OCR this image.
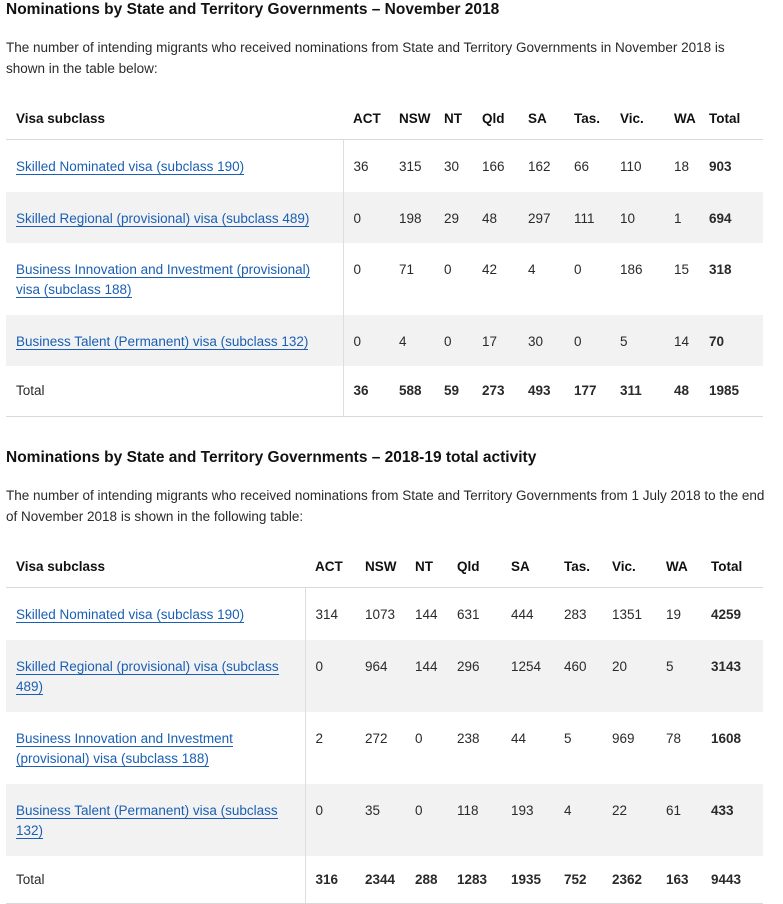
Nominations by State and Territory Governments – November 2018

The number of intending migrants who received nominations from State and Territory Governments in November 2018 is shown in the table below:

Visa subclass	ACT	NSW	NT	Qld	SA	Tas.	Vic.	WA	Total
Skilled Nominated visa (subclass 190)	36	315	30	166	162	66	110	18	903
Skilled Regional (provisional) visa (subclass 489)	0	198	29	48	297	111	10	1	694
Business Innovation and Investment (provisional) visa (subclass 188)	0	71	0	42	4	0	186	15	318
Business Talent (Permanent) visa (subclass 132)	0	4	0	17	30	0	5	14	70
Total	36	588	59	273	493	177	311	48	1985
Nominations by State and Territory Governments – 2018-19 total activity

The number of intending migrants who received nominations from State and Territory Governments from 1 July 2018 to the end of November 2018 is shown in the following table:

Visa subclass	ACT	NSW	NT	Qld	SA	Tas.	Vic.	WA	Total
Skilled Nominated visa (subclass 190)	314	1073	144	631	444	283	1351	19	4259
Skilled Regional (provisional) visa (subclass 489)	0	964	144	296	1254	460	20	5	3143
Business Innovation and Investment (provisional) visa (subclass 188)	2	272	0	238	44	5	969	78	1608
Business Talent (Permanent) visa (subclass 132)	0	35	0	118	193	4	22	61	433
Total	316	2344	288	1283	1935	752	2362	163	9443
